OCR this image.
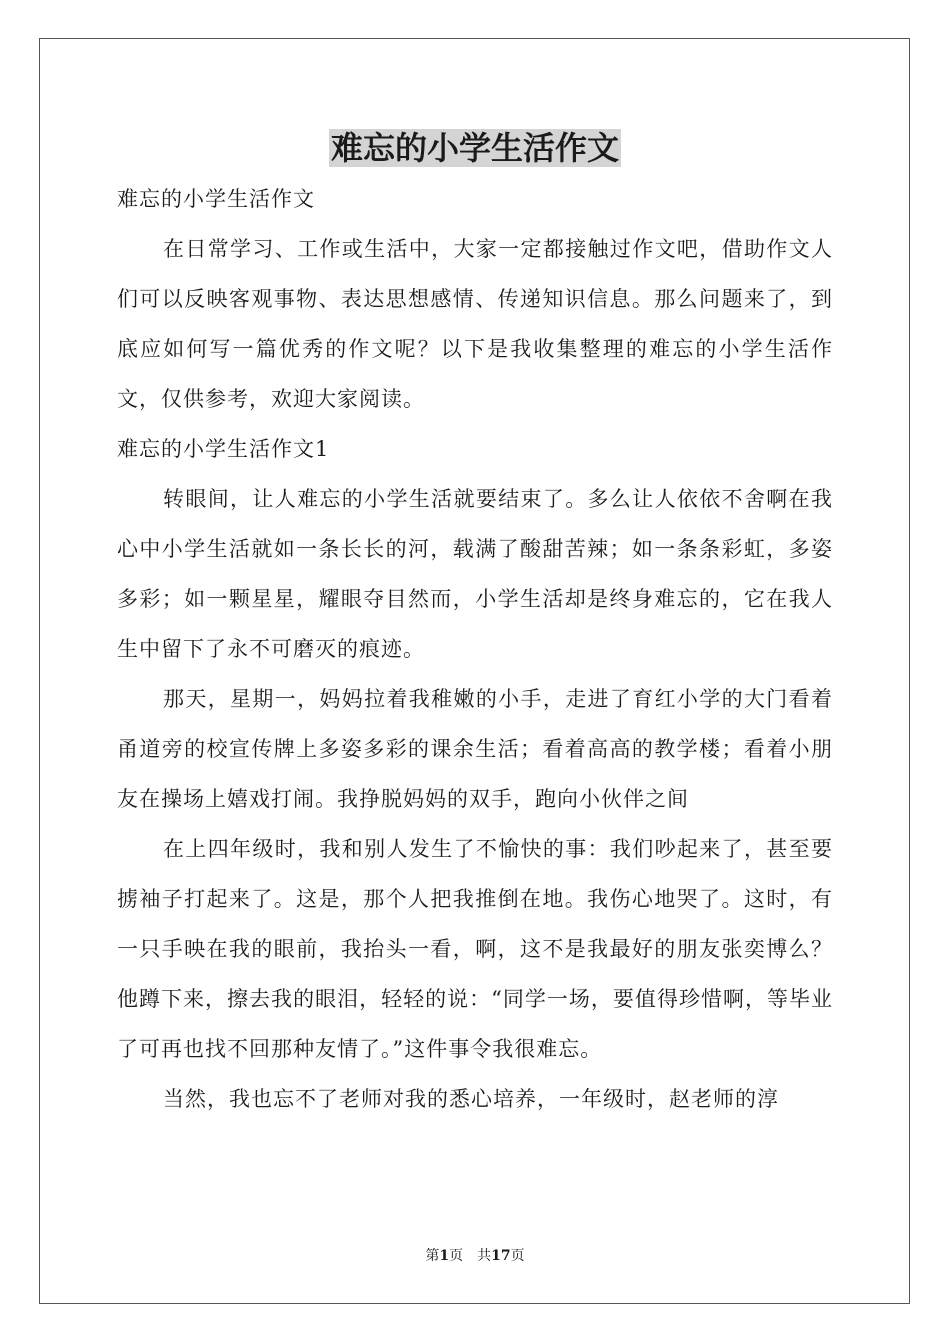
难忘的小学生活作文

难忘的小学生活作文

在日常学习、工作或生活中，大家一定都接触过作文吧，借助作文人们可以反映客观事物、表达思想感情、传递知识信息。那么问题来了，到底应如何写一篇优秀的作文呢？以下是我收集整理的难忘的小学生活作文，仅供参考，欢迎大家阅读。

难忘的小学生活作文1

转眼间，让人难忘的小学生活就要结束了。多么让人依依不舍啊在我心中小学生活就如一条长长的河，载满了酸甜苦辣；如一条条彩虹，多姿多彩；如一颗星星，耀眼夺目然而，小学生活却是终身难忘的，它在我人生中留下了永不可磨灭的痕迹。

那天，星期一，妈妈拉着我稚嫩的小手，走进了育红小学的大门看着甬道旁的校宣传牌上多姿多彩的课余生活；看着高高的教学楼；看着小朋友在操场上嬉戏打闹。我挣脱妈妈的双手，跑向小伙伴之间

在上四年级时，我和别人发生了不愉快的事：我们吵起来了，甚至要掳袖子打起来了。这是，那个人把我推倒在地。我伤心地哭了。这时，有一只手映在我的眼前，我抬头一看，啊，这不是我最好的朋友张奕博么？他蹲下来，擦去我的眼泪，轻轻的说：“同学一场，要值得珍惜啊，等毕业了可再也找不回那种友情了。”这件事令我很难忘。

当然，我也忘不了老师对我的悉心培养，一年级时，赵老师的淳

第1页 共17页
